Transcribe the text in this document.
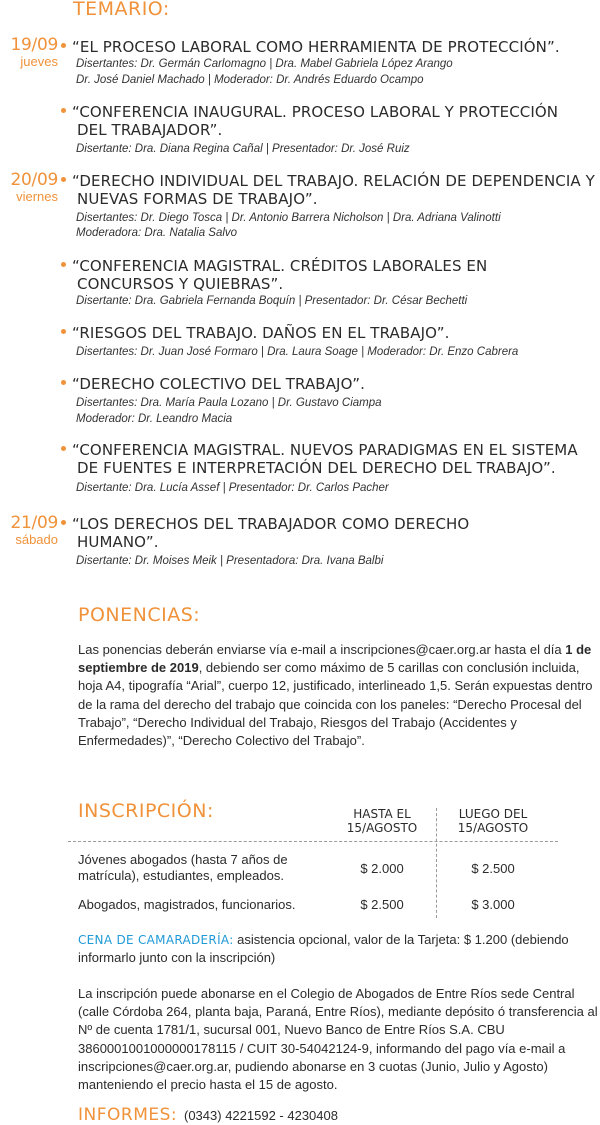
TEMARIO:
19/09
jueves
“EL PROCESO LABORAL COMO HERRAMIENTA DE PROTECCIÓN”.
Disertantes: Dr. Germán Carlomagno | Dra. Mabel Gabriela López Arango
Dr. José Daniel Machado | Moderador: Dr. Andrés Eduardo Ocampo
“CONFERENCIA INAUGURAL. PROCESO LABORAL Y PROTECCIÓN DEL TRABAJADOR”.
Disertante: Dra. Diana Regina Cañal | Presentador: Dr. José Ruiz
20/09
viernes
“DERECHO INDIVIDUAL DEL TRABAJO. RELACIÓN DE DEPENDENCIA Y NUEVAS FORMAS DE TRABAJO”.
Disertantes: Dr. Diego Tosca | Dr. Antonio Barrera Nicholson | Dra. Adriana Valinotti
Moderadora: Dra. Natalia Salvo
“CONFERENCIA MAGISTRAL. CRÉDITOS LABORALES EN CONCURSOS Y QUIEBRAS”.
Disertante: Dra. Gabriela Fernanda Boquín | Presentador: Dr. César Bechetti
“RIESGOS DEL TRABAJO. DAÑOS EN EL TRABAJO”.
Disertantes: Dr. Juan José Formaro | Dra. Laura Soage | Moderador: Dr. Enzo Cabrera
“DERECHO COLECTIVO DEL TRABAJO”.
Disertantes: Dra. María Paula Lozano | Dr. Gustavo Ciampa
Moderador: Dr. Leandro Macia
“CONFERENCIA MAGISTRAL. NUEVOS PARADIGMAS EN EL SISTEMA DE FUENTES E INTERPRETACIÓN DEL DERECHO DEL TRABAJO”.
Disertante: Dra. Lucía Assef | Presentador: Dr. Carlos Pacher
21/09
sábado
“LOS DERECHOS DEL TRABAJADOR COMO DERECHO HUMANO”.
Disertante: Dr. Moises Meik | Presentadora: Dra. Ivana Balbi
PONENCIAS:
Las ponencias deberán enviarse vía e-mail a inscripciones@caer.org.ar hasta el día 1 de septiembre de 2019, debiendo ser como máximo de 5 carillas con conclusión incluida, hoja A4, tipografía “Arial”, cuerpo 12, justificado, interlineado 1,5. Serán expuestas dentro de la rama del derecho del trabajo que coincida con los paneles: “Derecho Procesal del Trabajo”, “Derecho Individual del Trabajo, Riesgos del Trabajo (Accidentes y Enfermedades)”, “Derecho Colectivo del Trabajo”.
INSCRIPCIÓN:	HASTA EL 15/AGOSTO
LUEGO DEL 15/AGOSTO
Jóvenes abogados (hasta 7 años de matrícula), estudiantes, empleados.	$ 2.000	$ 2.500
Abogados, magistrados, funcionarios.	$ 2.500	$ 3.000
CENA DE CAMARADERÍA: asistencia opcional, valor de la Tarjeta: $ 1.200 (debiendo informarlo junto con la inscripción)
La inscripción puede abonarse en el Colegio de Abogados de Entre Ríos sede Central (calle Córdoba 264, planta baja, Paraná, Entre Ríos), mediante depósito ó transferencia al Nº de cuenta 1781/1, sucursal 001, Nuevo Banco de Entre Ríos S.A. CBU 3860001001000000178115 / CUIT 30-54042124-9, informando del pago vía e-mail a inscripciones@caer.org.ar, pudiendo abonarse en 3 cuotas (Junio, Julio y Agosto) manteniendo el precio hasta el 15 de agosto.
INFORMES: (0343) 4221592 - 4230408
